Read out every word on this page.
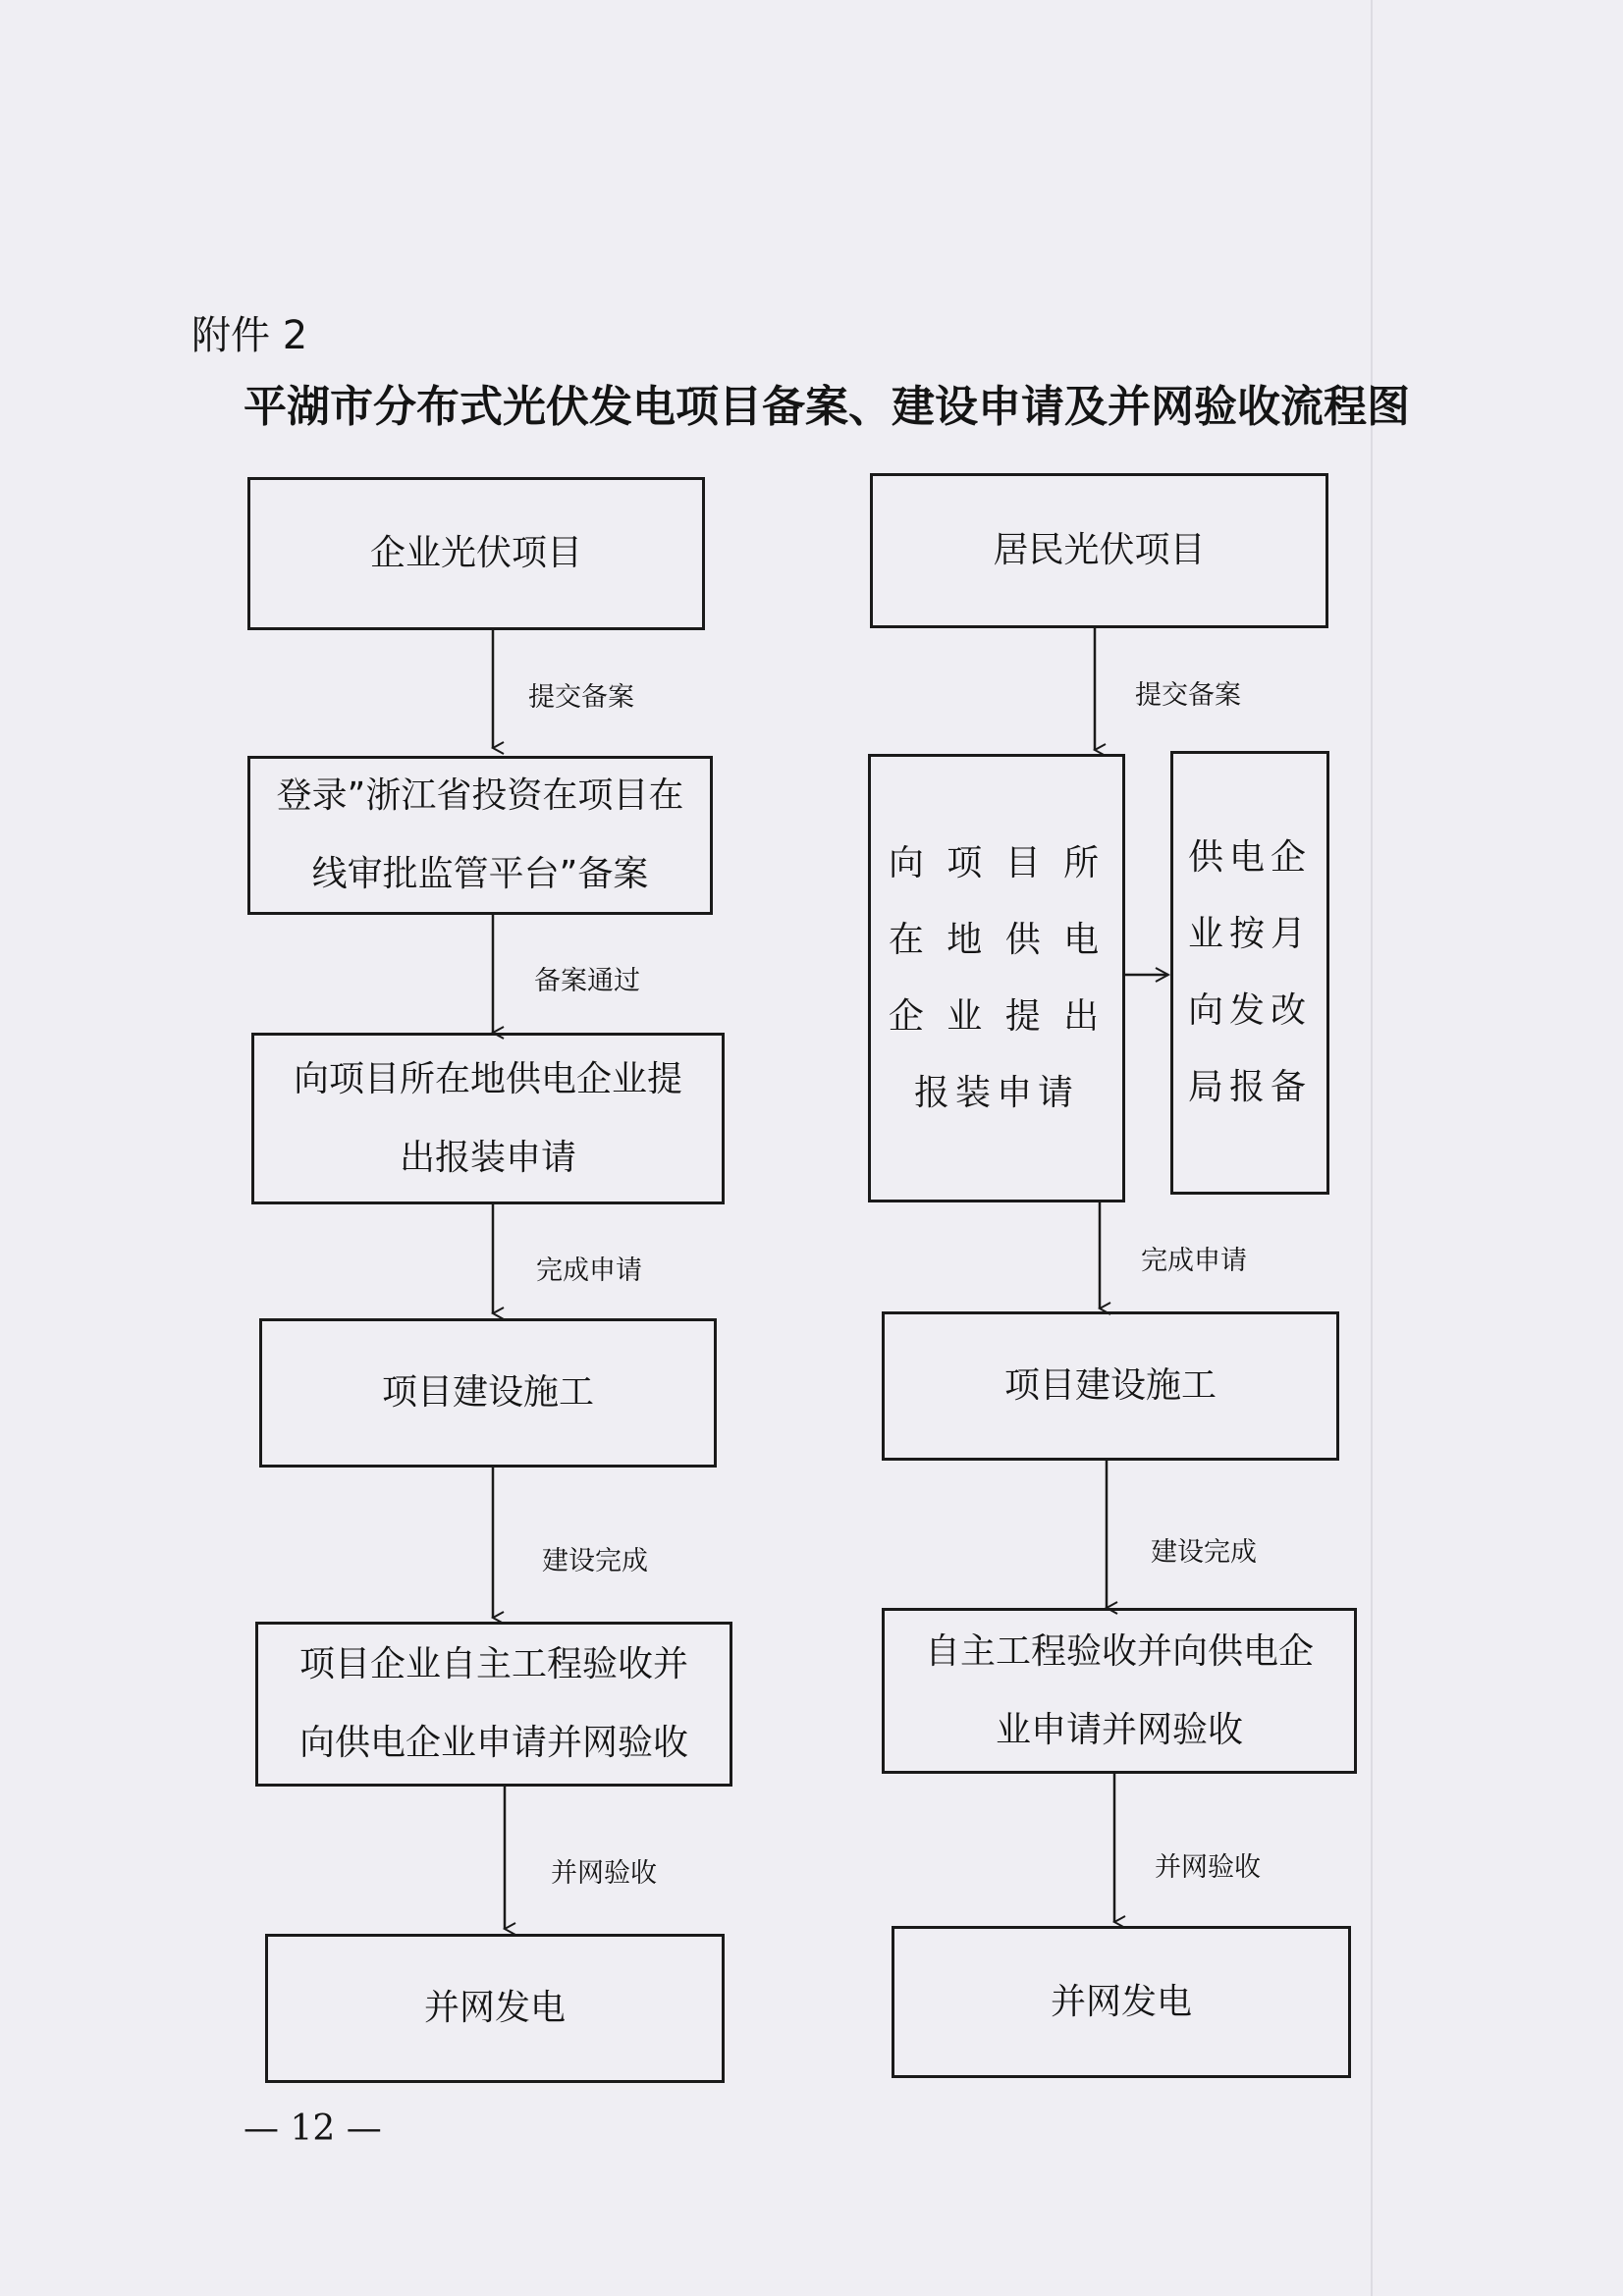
附件 2
平湖市分布式光伏发电项目备案、建设申请及并网验收流程图
企业光伏项目
提交备案
登录”浙江省投资在项目在
线审批监管平台”备案
备案通过
向项目所在地供电企业提
出报装申请
完成申请
项目建设施工
建设完成
项目企业自主工程验收并
向供电企业申请并网验收
并网验收
并网发电
居民光伏项目
提交备案
向 项 目 所
在 地 供 电
企 业 提 出
报装申请
供电企
业按月
向发改
局报备
完成申请
项目建设施工
建设完成
自主工程验收并向供电企
业申请并网验收
并网验收
并网发电
— 12 —
